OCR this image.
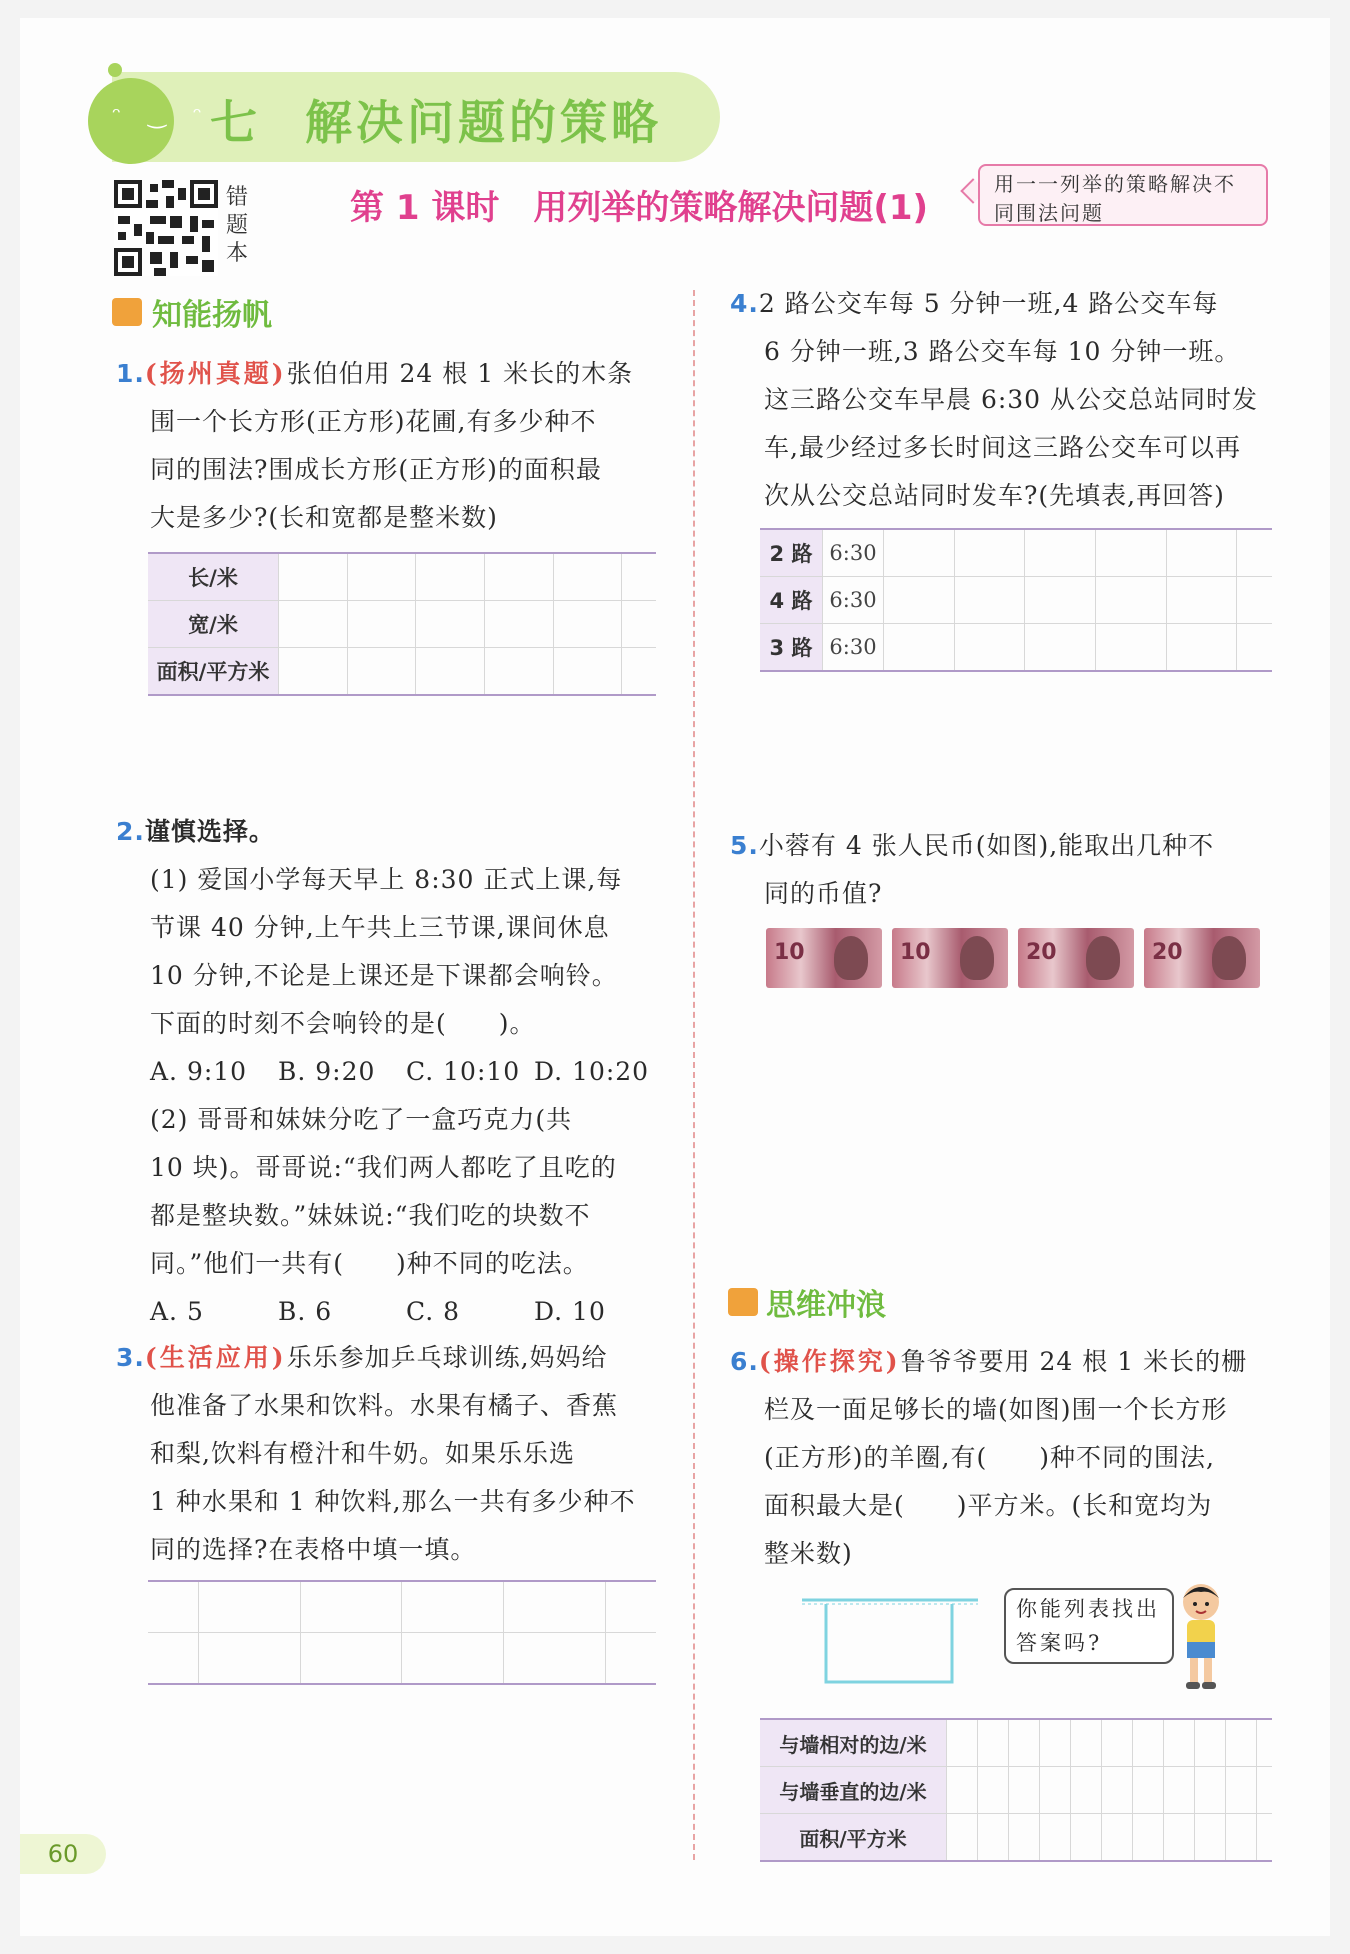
ᵔ ‿ ᵔ
七 解决问题的策略
错题本
第 1 课时 用列举的策略解决问题(1)
用一一列举的策略解决不同围法问题
知能扬帆
1.(扬州真题)张伯伯用 24 根 1 米长的木条
围一个长方形(正方形)花圃,有多少种不
同的围法?围成长方形(正方形)的面积最
大是多少?(长和宽都是整米数)
长/米						
宽/米						
面积/平方米						
2.谨慎选择。
(1) 爱国小学每天早上 8:30 正式上课,每
节课 40 分钟,上午共上三节课,课间休息
10 分钟,不论是上课还是下课都会响铃。
下面的时刻不会响铃的是(　　)。
A. 9:10 B. 9:20 C. 10:10 D. 10:20
(2) 哥哥和妹妹分吃了一盒巧克力(共
10 块)。哥哥说:“我们两人都吃了且吃的
都是整块数。”妹妹说:“我们吃的块数不
同。”他们一共有(　　)种不同的吃法。
A. 5	B. 6	C. 8	D. 10
3.(生活应用)乐乐参加乒乓球训练,妈妈给
他准备了水果和饮料。水果有橘子、香蕉
和梨,饮料有橙汁和牛奶。如果乐乐选
1 种水果和 1 种饮料,那么一共有多少种不
同的选择?在表格中填一填。

4.2 路公交车每 5 分钟一班,4 路公交车每
6 分钟一班,3 路公交车每 10 分钟一班。
这三路公交车早晨 6:30 从公交总站同时发
车,最少经过多长时间这三路公交车可以再
次从公交总站同时发车?(先填表,再回答)
2 路	6:30						
4 路	6:30						
3 路	6:30						
5.小蓉有 4 张人民币(如图),能取出几种不
同的币值?
10	10	20	20
思维冲浪
6.(操作探究)鲁爷爷要用 24 根 1 米长的栅
栏及一面足够长的墙(如图)围一个长方形
(正方形)的羊圈,有(　　)种不同的围法,
面积最大是(　　)平方米。(长和宽均为
整米数)
你能列表找出答案吗?
与墙相对的边/米											
与墙垂直的边/米											
面积/平方米											
60
